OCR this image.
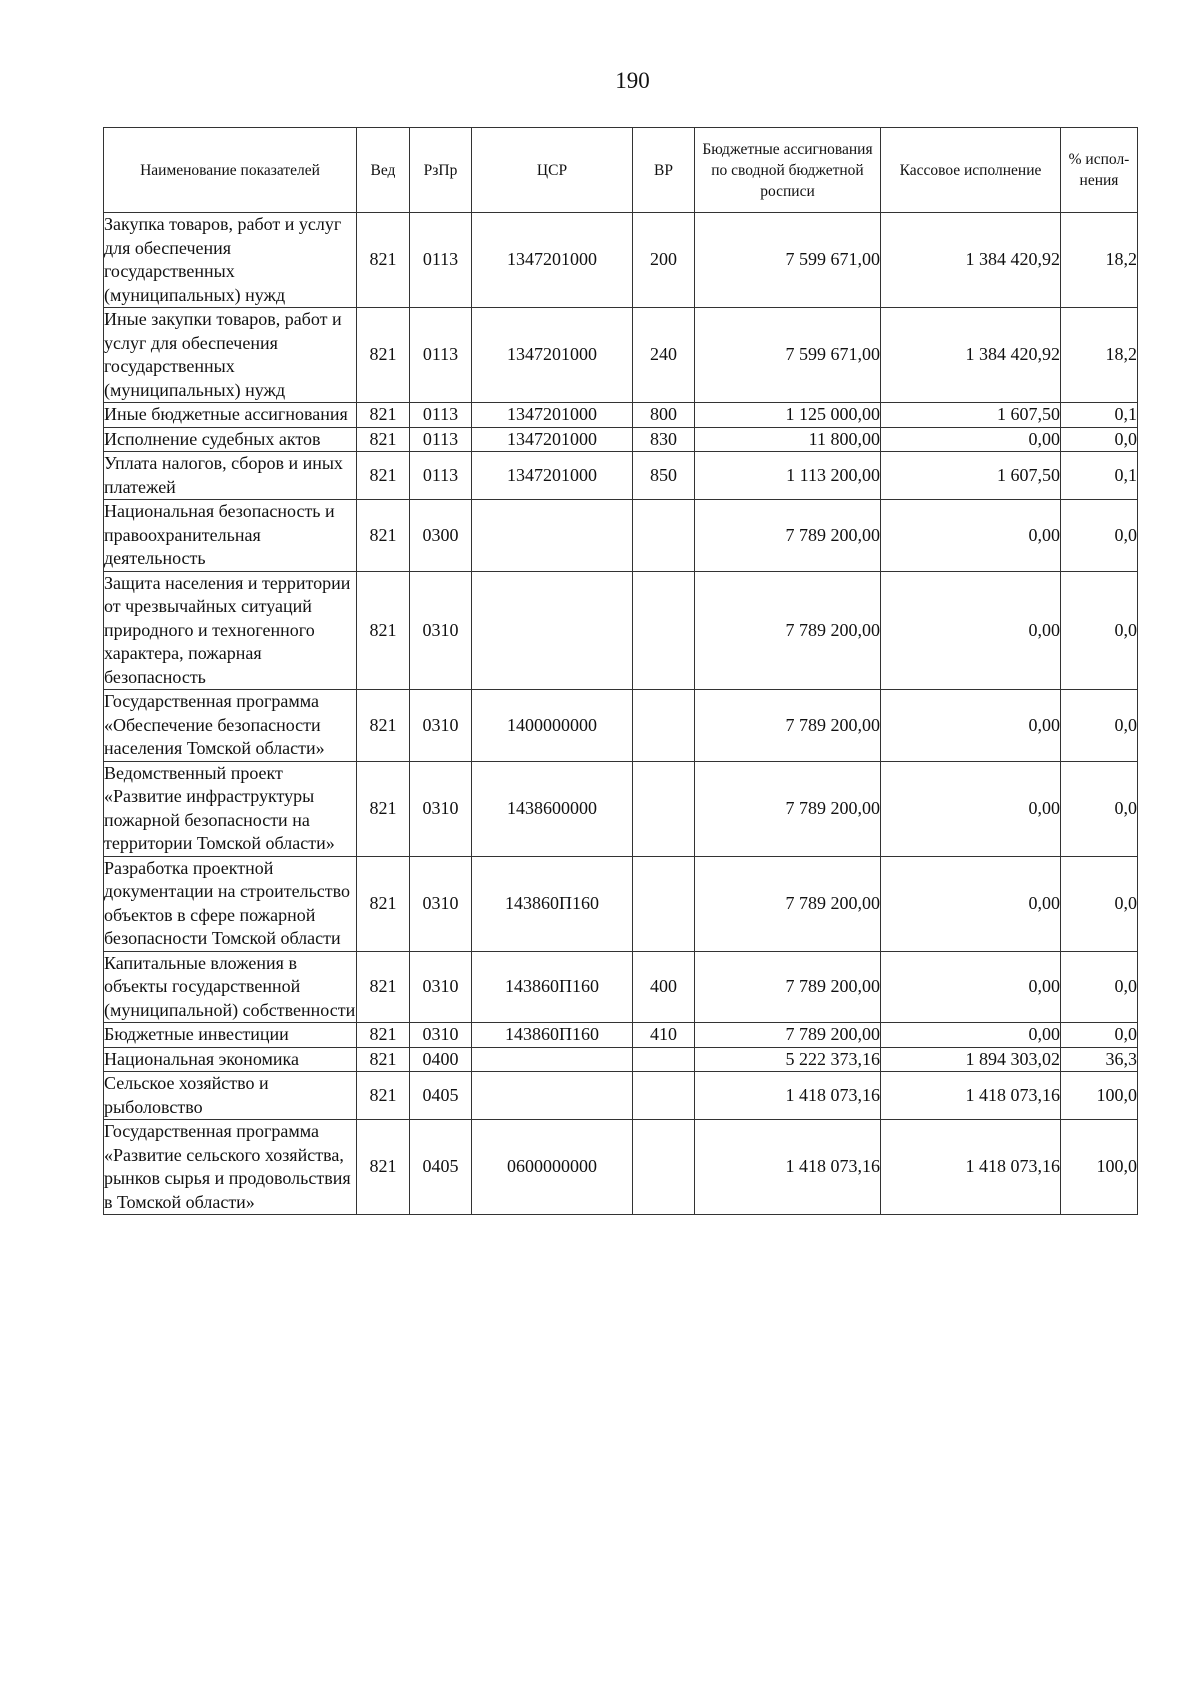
190
Наименование показателей	Вед	РзПр	ЦСР	ВР	Бюджетные ассигнования по сводной бюджетной росписи	Кассовое исполнение	% испол-нения
Закупка товаров, работ и услуг для обеспечения государственных (муниципальных) нужд	821	0113	1347201000	200	7 599 671,00	1 384 420,92	18,2
Иные закупки товаров, работ и услуг для обеспечения государственных (муниципальных) нужд	821	0113	1347201000	240	7 599 671,00	1 384 420,92	18,2
Иные бюджетные ассигнования	821	0113	1347201000	800	1 125 000,00	1 607,50	0,1
Исполнение судебных актов	821	0113	1347201000	830	11 800,00	0,00	0,0
Уплата налогов, сборов и иных платежей	821	0113	1347201000	850	1 113 200,00	1 607,50	0,1
Национальная безопасность и правоохранительная деятельность	821	0300			7 789 200,00	0,00	0,0
Защита населения и территории от чрезвычайных ситуаций природного и техногенного характера, пожарная безопасность	821	0310			7 789 200,00	0,00	0,0
Государственная программа «Обеспечение безопасности населения Томской области»	821	0310	1400000000		7 789 200,00	0,00	0,0
Ведомственный проект «Развитие инфраструктуры пожарной безопасности на территории Томской области»	821	0310	1438600000		7 789 200,00	0,00	0,0
Разработка проектной документации на строительство объектов в сфере пожарной безопасности Томской области	821	0310	143860П160		7 789 200,00	0,00	0,0
Капитальные вложения в объекты государственной (муниципальной) собственности	821	0310	143860П160	400	7 789 200,00	0,00	0,0
Бюджетные инвестиции	821	0310	143860П160	410	7 789 200,00	0,00	0,0
Национальная экономика	821	0400			5 222 373,16	1 894 303,02	36,3
Сельское хозяйство и рыболовство	821	0405			1 418 073,16	1 418 073,16	100,0
Государственная программа «Развитие сельского хозяйства, рынков сырья и продовольствия в Томской области»	821	0405	0600000000		1 418 073,16	1 418 073,16	100,0
